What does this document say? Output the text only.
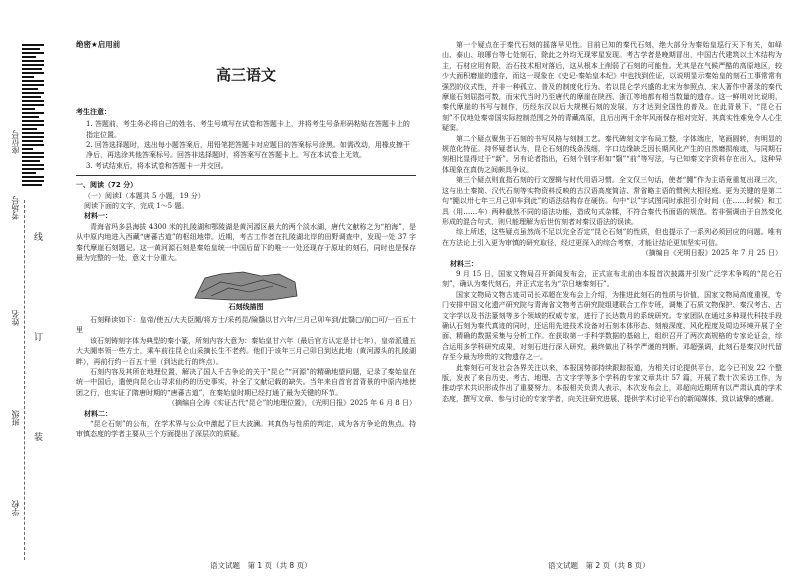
座位号
考场号
姓名
班级
学校
线
订
装
绝密★启用前
高三语文
考生注意：
1. 答题前，考生务必将自己的姓名、考生号填写在试卷和答题卡上，并将考生号条形码粘贴在答题卡上的指定位置。
2. 回答选择题时，选出每小题答案后，用铅笔把答题卡对应题目的答案标号涂黑。如需改动，用橡皮擦干净后，再选涂其他答案标号。回答非选择题时，将答案写在答题卡上。写在本试卷上无效。
3. 考试结束后，将本试卷和答题卡一并交回。
一、阅读（72 分）
（一）阅读Ⅰ（本题共 5 小题，19 分）
阅读下面的文字，完成 1～5 题。
材料一：
青海省玛多县海拔 4300 米的扎陵湖和鄂陵湖是黄河源区最大的两个淡水湖，唐代文献称之为“柏海”，是从中原内地进入西藏“唐蕃古道”的枢纽地带。近期，考古工作者在扎陵湖北岸的田野调查中，发现一处 37 字秦代摩崖石刻题记。这一黄河源石刻是秦始皇统一中国后留下的唯一一处还现存于原址的刻石，同时也是保存最为完整的一处，意义十分重大。
石刻线描图
石刻释读如下：皇帝/使五/大夫臣嘂/将方士/采药昆/陯翳以甘六年/三月己卯车到/此翳□/前□可/一百五十里
该石刻铸刻字体为典型的秦小篆，所刻内容大意为：秦始皇甘六年（最后官方认定是廿七年），皇帝派遣五大夫嘂率领一些方士，乘车前往昆仑山采摘长生不老药。他们于该年三月己卯日到达此地（黄河源头的扎陵湖畔），再前行约一百五十里（到达此行的终点）。
石刻内容及其所在地理位置，解决了国人千古争论的关于“昆仑”“河源”的精确地望问题，记录了秦始皇在统一中国后，遣使向昆仑山寻求仙药的历史事实，补全了文献记载的缺失。当年来自首官首背景的中原内地使团之行，也实证了隋唐时期的“唐蕃古道”，在秦始皇时期已经打通了最为关键的环节。
（摘编自仝涛《实证古代“昆仑”的地理位置》，《光明日报》2025 年 6 月 8 日）
材料二：
“昆仑石刻”的公布，在学术界与公众中激起了巨大波澜。其真伪与性质的判定，成为各方争论的焦点。持审慎态度的学者主要从三个方面提出了深层次的质疑。
第一个疑点在于秦代石刻的摇落早见性。目前已知的秦代石刻，绝大部分为秦始皇巡行天下有关，如峄山、泰山、琅琊台等七处刻石，除此之外均无现零星发现。考古学者是晚期冒出，中国古代建筑以土木结构为主，石材应用有限，治石技术相对落后，这从根本上削弱了石刻的可能性。尤其是在气候严酷的高原地区，较少大面积磨崖的遗存，而这一现象在《史记·秦始皇本纪》中也找到佐证，以说明显示秦始皇的刻石工事常常有强烈的仪式性，并非一种孤立、普及的制度化行为。若以昆仑学兴盛的北宋为参照点，宋人著作中著录的秦代摩崖石刻屈指可数，而宋代当时乃至唐代的摩崖在陕西、浙江等地都有相当数量的遗存。这一鲜明对比说明，秦代摩崖的书写与制作，历经东汉以后大规模石刻的发展，方才达到全国性的普及。在此背景下，“昆仑石刻”不仅地处秦帝国实际控制范围之外的青藏高原，且后出两千余年风雨保存相对完好，其真实性难免令人心生疑窦。
第二个疑点聚焦于石刻的书写风格与刻制工艺。秦代碑刻文字布局工整，字体端庄，笔画圆转，有明显的规范化特征。持怀疑者认为，昆仑石刻的线条浅细，字口边缘缺乏因长期风化产生的自然磨损痕迹，与同期石刻相比显得过于“新”。另有论者指出，石刻个别字形如“翳”“前”等写法，与已知秦文字资料存在出入，这种异体现象在真伪之间颇具争议。
第三个疑点则直指石刻的行文逻辑与时代用语习惯。全文仅三句话，使者“嘂”作为主语竟重复出现三次，这与出土秦简、汉代石刻等实物资料反映的古汉语高度简洁、常省略主语的惯例大相径庭。更为关键的是第二句“嘂以卅七年三月己卯车到此”的语法结构存在硬伤。句中“以”字试图同时承担引介时间（在……时候）和工具（用……车）两种截然不同的语法功能，造成句式杂糅，不符合秦代书面语的规范。若非强调由于自然变化形成的混合句式，则只能理解为后世仿刻者对秦汉语法的误读。
综上所述，这些疑点虽然尚不足以完全否定“昆仑石刻”的性质，但也提示了一系列必须回应的问题。唯有在方法论上引入更为审慎的研究取径，经过更深入的综合考察，才能让结论更加坚实可信。
（摘编自《光明日报》2025 年 7 月 25 日）
材料三：
9 月 15 日，国家文物局召开新闻发布会，正式宣布北前由本报首次披露并引发广泛学术争鸣的“昆仑石刻”，确认为秦代刻石，并正式定名为“尕日塘秦刻石”。
国家文物局文物古迹司司长邓超在发布会上介绍，为推进此刻石的性质与价值，国家文物局高度重视，专门安排中国文化遗产研究院与青海省文物考古研究院组建联合工作专班，调集了石质文物保护、秦汉考古、古文字学以及书法篆刻等多个领域的权威专家，进行了长达数月的系统研究。专家团队在通过多种现代科技手段确认石刻为秦代真迹的同时，还运用先进技术设备对石刻本体形态、刻痕深度、风化程度及周边环境开展了全面、精确的数据采集与分析工作。在获取第一手科学数据的基础上，组织召开了两次高规格的专家论证会，综合运用多学科研究成果，对刻石进行深入研究，最终做出了科学严谨的判断。邓超强调，此刻石是秦汉时代留存至今最为珍贵的文物遗存之一。
此秦刻石可发社会各界关注以来，本报国势部持续跟踪报道，为相关讨论提供平台，迄今已刊发 22 个整版，发表了来自历史、考古、地理、古文字学等多个学科的专家文章共计 57 篇，开展了数十次采访工作，为推动学术共识形成作出了重要努力。本报相关负责人表示，本次发布会上，邓超向近期所有以严肃认真的学术态度，撰写文章、参与讨论的专家学者，向关注研究进展、提供学术讨论平台的新闻媒体，致以诚挚的感谢。
语文试题　第 1 页（共 8 页）	语文试题　第 2 页（共 8 页）
